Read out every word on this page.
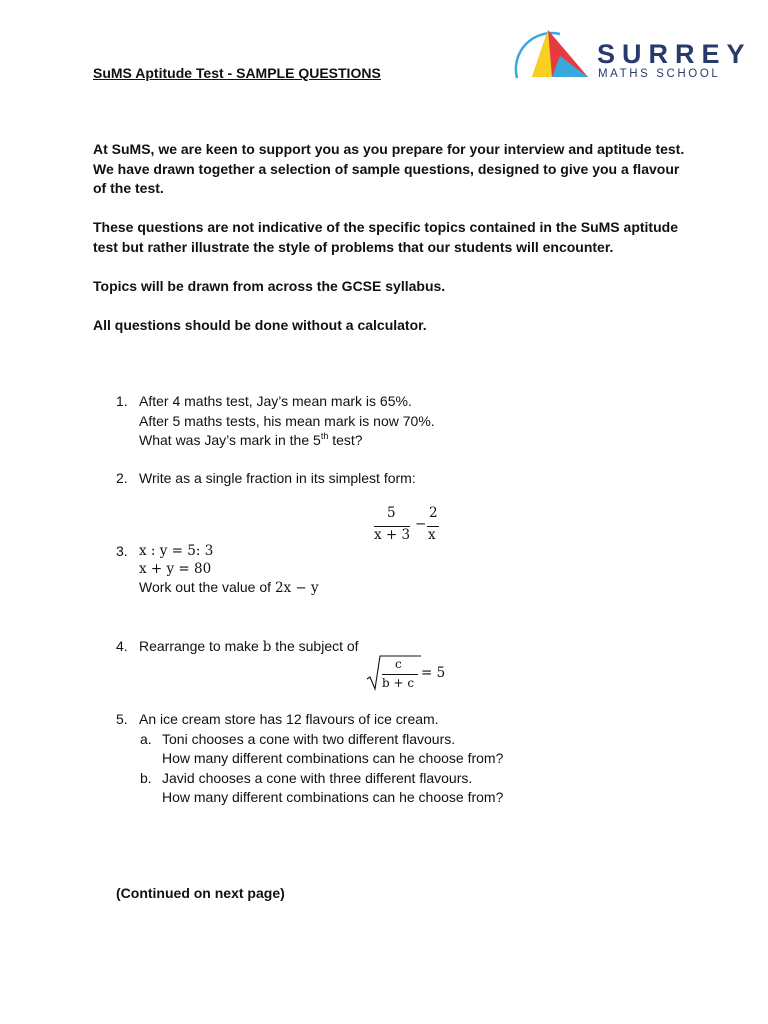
SURREY
MATHS SCHOOL
SuMS Aptitude Test - SAMPLE QUESTIONS

At SuMS, we are keen to support you as you prepare for your interview and aptitude test. We have drawn together a selection of sample questions, designed to give you a flavour of the test.

These questions are not indicative of the specific topics contained in the SuMS aptitude test but rather illustrate the style of problems that our students will encounter.

Topics will be drawn from across the GCSE syllabus.

All questions should be done without a calculator.

1. After 4 maths test, Jay’s mean mark is 65%.
After 5 maths tests, his mean mark is now 70%.
What was Jay’s mark in the 5th test?
2. Write as a single fraction in its simplest form:
5
x + 3
−
2
x
3. x : y = 5: 3
x + y = 80
Work out the value of 2x − y
4. Rearrange to make b the subject of
c
b + c
= 5
5. An ice cream store has 12 flavours of ice cream.
a. Toni chooses a cone with two different flavours.
How many different combinations can he choose from?
b. Javid chooses a cone with three different flavours.
How many different combinations can he choose from?
(Continued on next page)
